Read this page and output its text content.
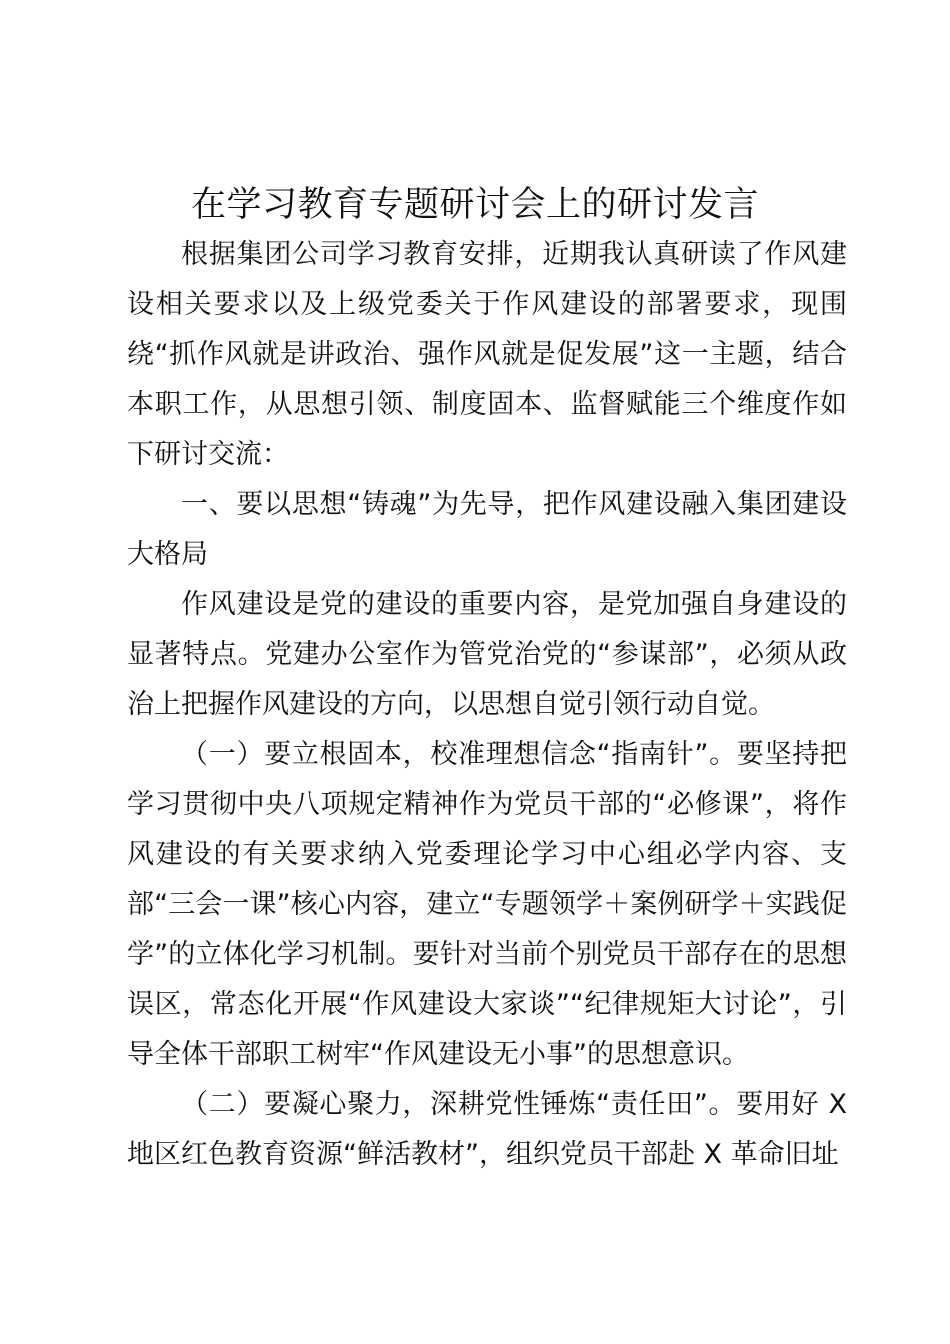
在学习教育专题研讨会上的研讨发言

根据集团公司学习教育安排，近期我认真研读了作风建设相关要求以及上级党委关于作风建设的部署要求，现围绕“抓作风就是讲政治、强作风就是促发展”这一主题，结合本职工作，从思想引领、制度固本、监督赋能三个维度作如下研讨交流：

一、要以思想“铸魂”为先导，把作风建设融入集团建设大格局

作风建设是党的建设的重要内容，是党加强自身建设的显著特点。党建办公室作为管党治党的“参谋部”，必须从政治上把握作风建设的方向，以思想自觉引领行动自觉。

（一）要立根固本，校准理想信念“指南针”。要坚持把学习贯彻中央八项规定精神作为党员干部的“必修课”，将作风建设的有关要求纳入党委理论学习中心组必学内容、支部“三会一课”核心内容，建立“专题领学＋案例研学＋实践促学”的立体化学习机制。要针对当前个别党员干部存在的思想误区，常态化开展“作风建设大家谈”“纪律规矩大讨论”，引导全体干部职工树牢“作风建设无小事”的思想意识。

（二）要凝心聚力，深耕党性锤炼“责任田”。要用好 X 地区红色教育资源“鲜活教材”，组织党员干部赴 X 革命旧址
